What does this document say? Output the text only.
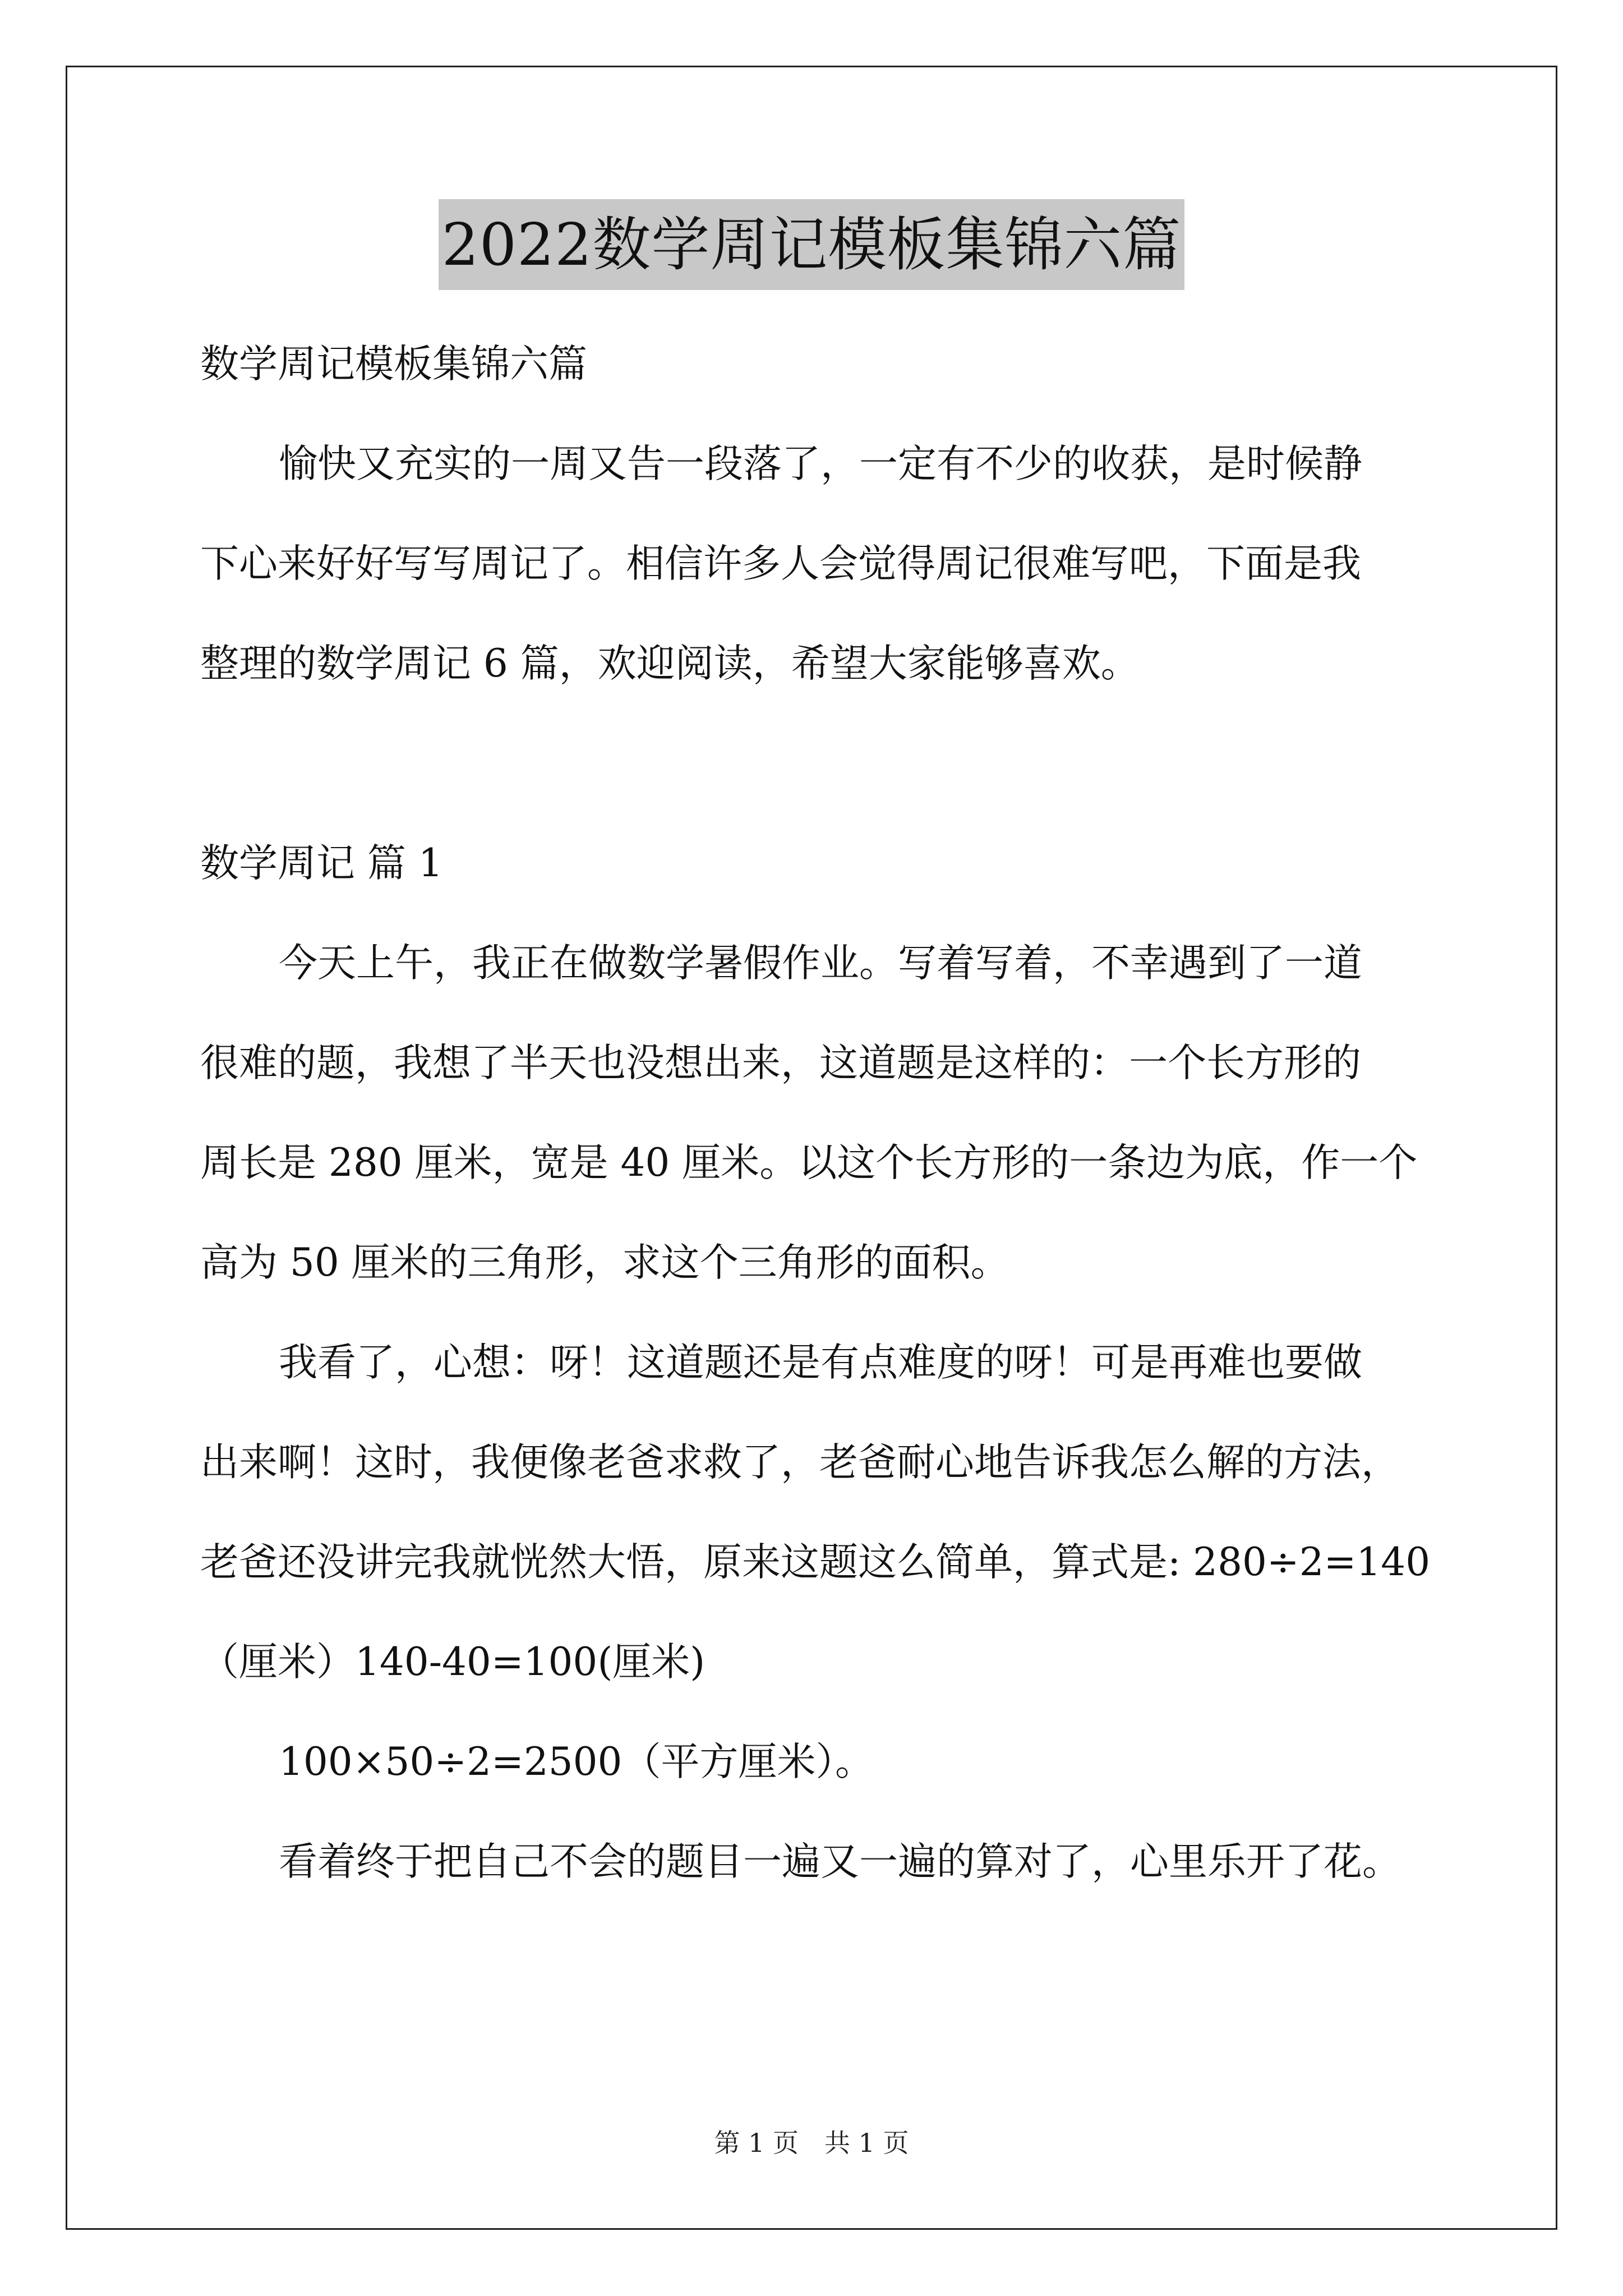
2022数学周记模板集锦六篇
数学周记模板集锦六篇
愉快又充实的一周又告一段落了，一定有不少的收获，是时候静
下心来好好写写周记了。相信许多人会觉得周记很难写吧，下面是我
整理的数学周记 6 篇，欢迎阅读，希望大家能够喜欢。
数学周记 篇 1
今天上午，我正在做数学暑假作业。写着写着，不幸遇到了一道
很难的题，我想了半天也没想出来，这道题是这样的：一个长方形的
周长是 280 厘米，宽是 40 厘米。以这个长方形的一条边为底，作一个
高为 50 厘米的三角形，求这个三角形的面积。
我看了，心想：呀！这道题还是有点难度的呀！可是再难也要做
出来啊！这时，我便像老爸求救了，老爸耐心地告诉我怎么解的方法，
老爸还没讲完我就恍然大悟，原来这题这么简单，算式是: 280÷2=140
（厘米）140-40=100(厘米)
100×50÷2=2500（平方厘米）。
看着终于把自己不会的题目一遍又一遍的算对了，心里乐开了花。
第 1 页　共 1 页
